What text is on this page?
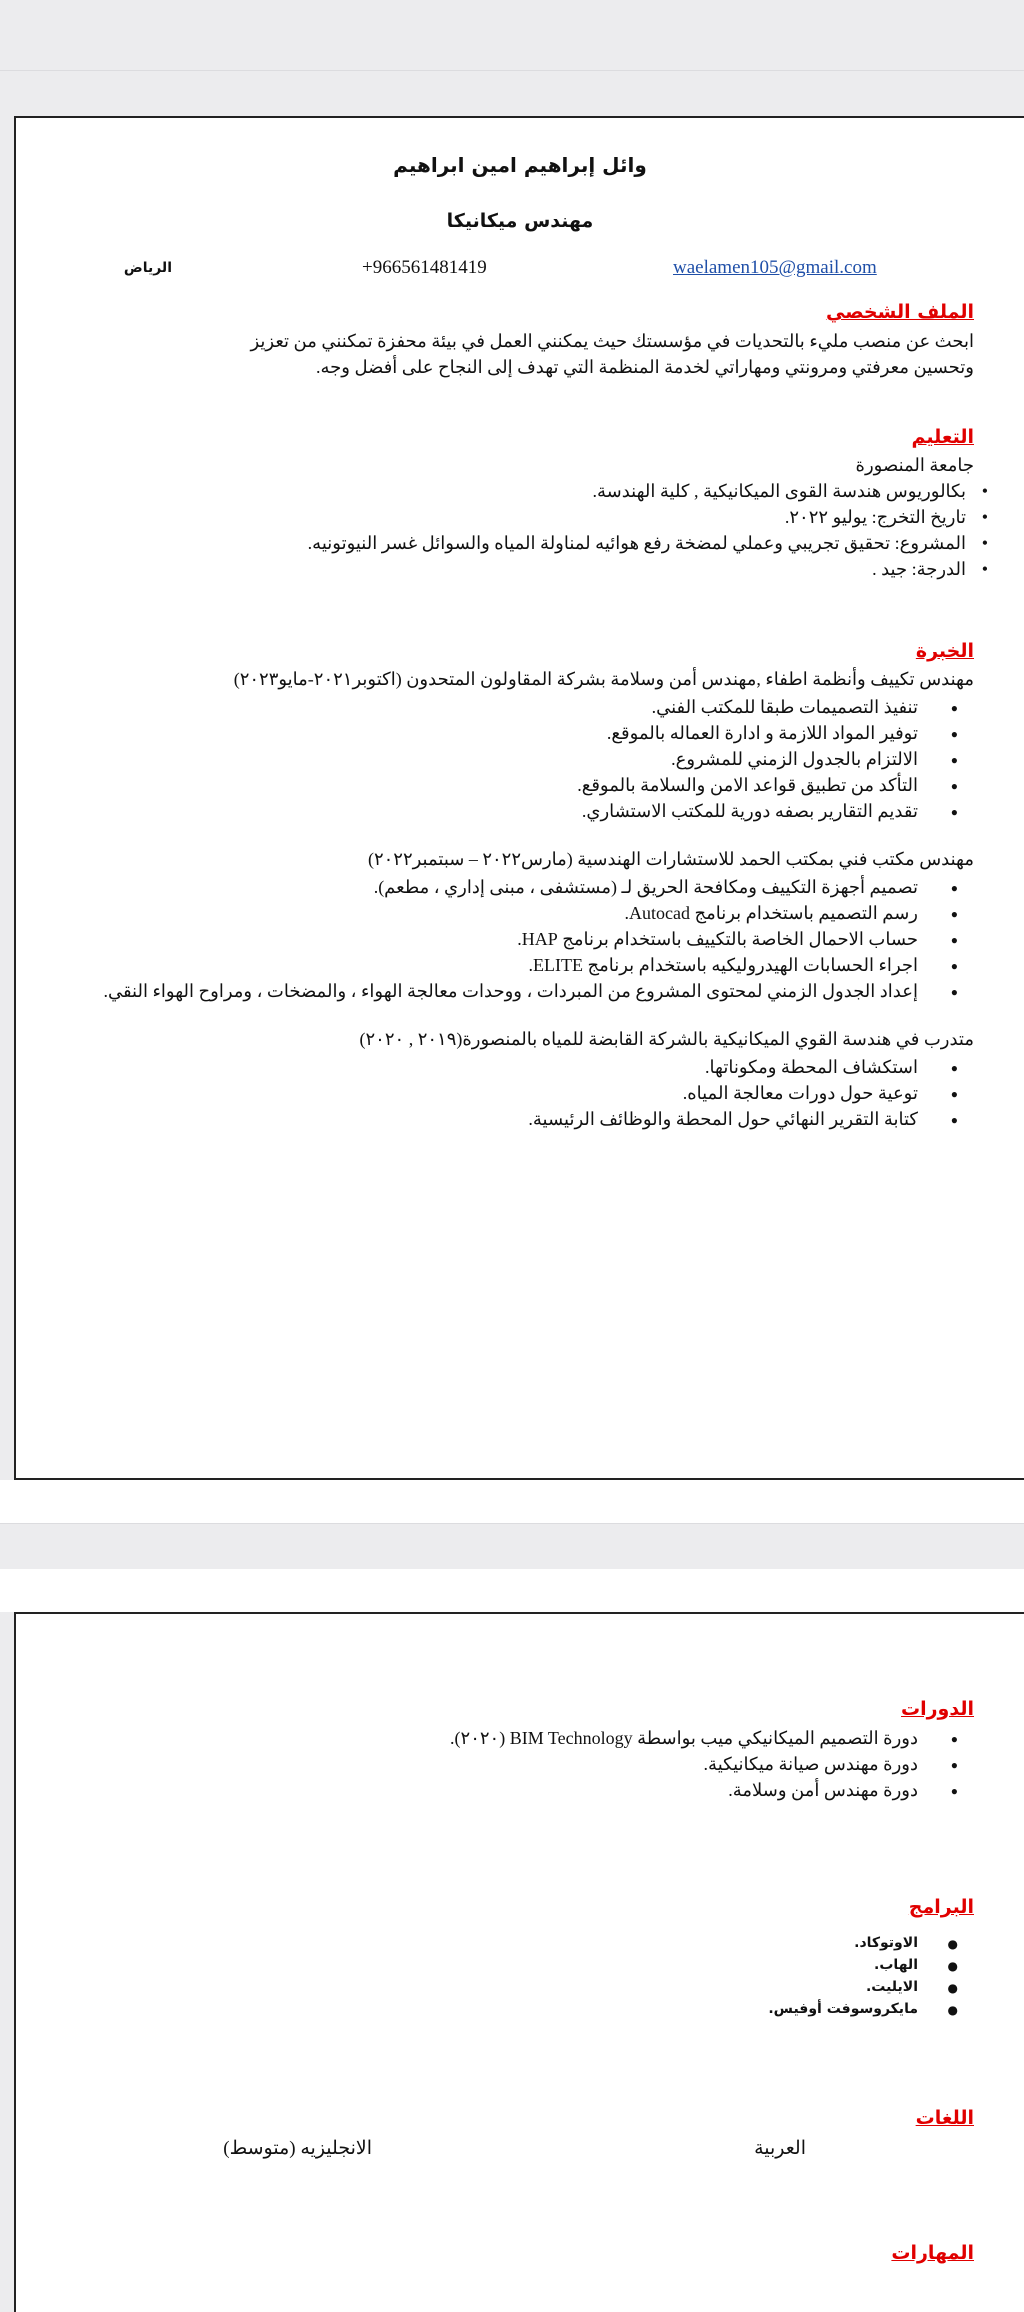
وائل إبراهيم امين ابراهيم
مهندس ميكانيكا
الرياض	+966561481419	waelamen105@gmail.com
الملف الشخصي

ابحث عن منصب مليء بالتحديات في مؤسستك حيث يمكنني العمل في بيئة محفزة تمكنني من تعزيز

وتحسين معرفتي ومرونتي ومهاراتي لخدمة المنظمة التي تهدف إلى النجاح على أفضل وجه.

التعليم

جامعة المنصورة

• بكالوريوس هندسة القوى الميكانيكية , كلية الهندسة.
• تاريخ التخرج: يوليو ٢٠٢٢.
• المشروع: تحقيق تجريبي وعملي لمضخة رفع هوائيه لمناولة المياه والسوائل غسر النيوتونيه.
• الدرجة: جيد .
الخبرة

مهندس تكييف وأنظمة اطفاء ,مهندس أمن وسلامة بشركة المقاولون المتحدون (اكتوبر٢٠٢١-مايو٢٠٢٣)

● تنفيذ التصميمات طبقا للمكتب الفني.
● توفير المواد اللازمة و ادارة العماله بالموقع.
● الالتزام بالجدول الزمني للمشروع.
● التأكد من تطبيق قواعد الامن والسلامة بالموقع.
● تقديم التقارير بصفه دورية للمكتب الاستشاري.

مهندس مكتب فني بمكتب الحمد للاستشارات الهندسية (مارس٢٠٢٢ – سبتمبر٢٠٢٢)

● تصميم أجهزة التكييف ومكافحة الحريق لـ (مستشفى ، مبنى إداري ، مطعم).
● رسم التصميم باستخدام برنامج Autocad.
● حساب الاحمال الخاصة بالتكييف باستخدام برنامج HAP.
● اجراء الحسابات الهيدروليكيه باستخدام برنامج ELITE.
● إعداد الجدول الزمني لمحتوى المشروع من المبردات ، ووحدات معالجة الهواء ، والمضخات ، ومراوح الهواء النقي.

متدرب في هندسة القوي الميكانيكية بالشركة القابضة للمياه بالمنصورة(٢٠١٩ , ٢٠٢٠)

● استكشاف المحطة ومكوناتها.
● توعية حول دورات معالجة المياه.
● كتابة التقرير النهائي حول المحطة والوظائف الرئيسية.
الدورات
● دورة التصميم الميكانيكي ميب بواسطة BIM Technology (٢٠٢٠).
● دورة مهندس صيانة ميكانيكية.
● دورة مهندس أمن وسلامة.
البرامج
● الاوتوكاد.
● الهاب.
● الايليت.
● مايكروسوفت أوفيس.
اللغات
العربية
الانجليزيه (متوسط)
المهارات
